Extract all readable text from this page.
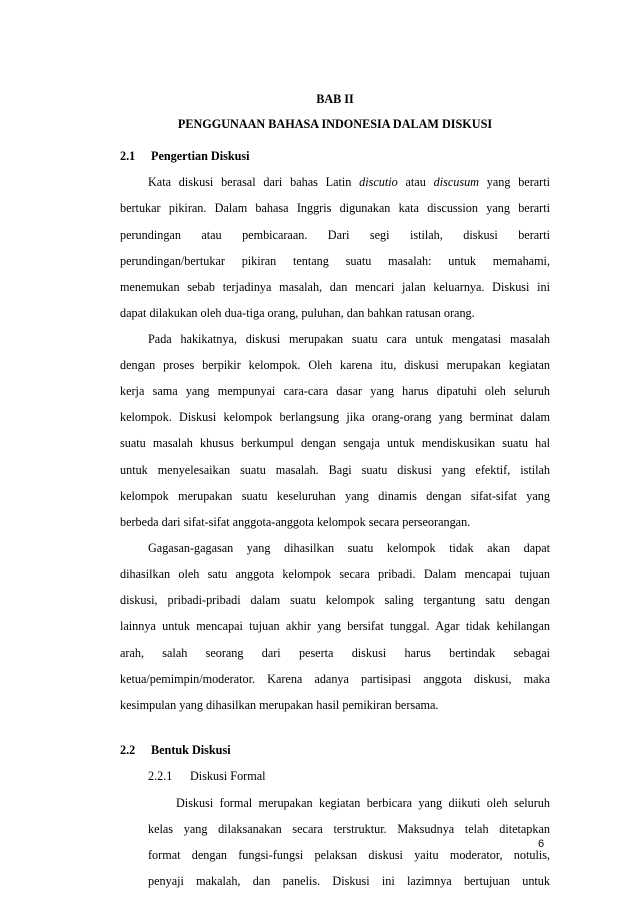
BAB II
PENGGUNAAN BAHASA INDONESIA DALAM DISKUSI
2.1 Pengertian Diskusi
Kata diskusi berasal dari bahas Latin discutio atau discusum yang berarti
bertukar pikiran. Dalam bahasa Inggris digunakan kata discussion yang berarti
perundingan atau pembicaraan. Dari segi istilah, diskusi berarti
perundingan/bertukar pikiran tentang suatu masalah: untuk memahami,
menemukan sebab terjadinya masalah, dan mencari jalan keluarnya. Diskusi ini
dapat dilakukan oleh dua-tiga orang, puluhan, dan bahkan ratusan orang.
Pada hakikatnya, diskusi merupakan suatu cara untuk mengatasi masalah
dengan proses berpikir kelompok. Oleh karena itu, diskusi merupakan kegiatan
kerja sama yang mempunyai cara-cara dasar yang harus dipatuhi oleh seluruh
kelompok. Diskusi kelompok berlangsung jika orang-orang yang berminat dalam
suatu masalah khusus berkumpul dengan sengaja untuk mendiskusikan suatu hal
untuk menyelesaikan suatu masalah. Bagi suatu diskusi yang efektif, istilah
kelompok merupakan suatu keseluruhan yang dinamis dengan sifat-sifat yang
berbeda dari sifat-sifat anggota-anggota kelompok secara perseorangan.
Gagasan-gagasan yang dihasilkan suatu kelompok tidak akan dapat
dihasilkan oleh satu anggota kelompok secara pribadi. Dalam mencapai tujuan
diskusi, pribadi-pribadi dalam suatu kelompok saling tergantung satu dengan
lainnya untuk mencapai tujuan akhir yang bersifat tunggal. Agar tidak kehilangan
arah, salah seorang dari peserta diskusi harus bertindak sebagai
ketua/pemimpin/moderator. Karena adanya partisipasi anggota diskusi, maka
kesimpulan yang dihasilkan merupakan hasil pemikiran bersama.
2.2 Bentuk Diskusi
2.2.1 Diskusi Formal
Diskusi formal merupakan kegiatan berbicara yang diikuti oleh seluruh
kelas yang dilaksanakan secara terstruktur. Maksudnya telah ditetapkan
format dengan fungsi-fungsi pelaksan diskusi yaitu moderator, notulis,
penyaji makalah, dan panelis. Diskusi ini lazimnya bertujuan untuk
6
